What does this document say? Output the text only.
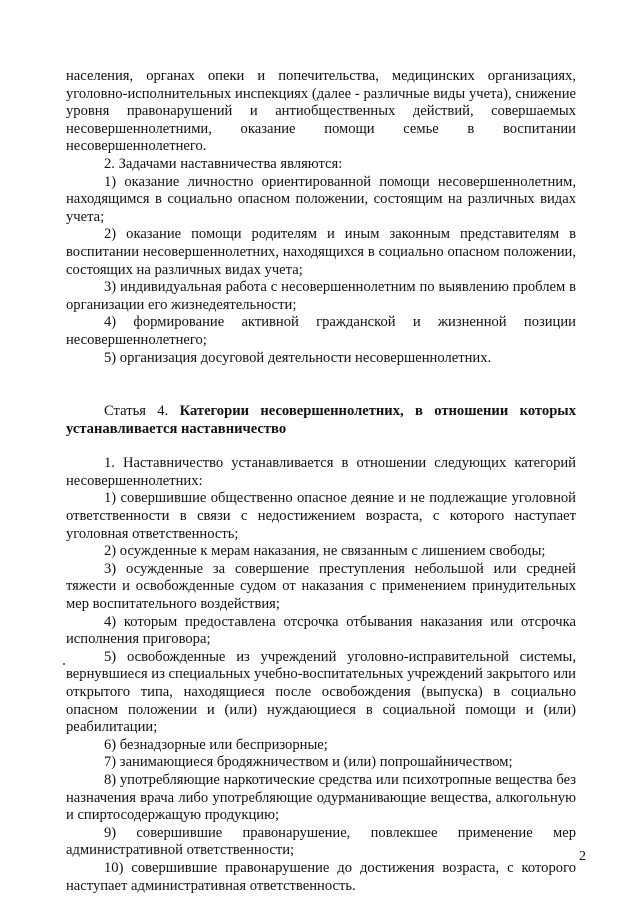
населения, органах опеки и попечительства, медицинских организациях, уголовно-исполнительных инспекциях (далее - различные виды учета), снижение уровня правонарушений и антиобщественных действий, совершаемых несовершеннолетними, оказание помощи семье в воспитании несовершеннолетнего.

2. Задачами наставничества являются:

1) оказание личностно ориентированной помощи несовершеннолетним, находящимся в социально опасном положении, состоящим на различных видах учета;

2) оказание помощи родителям и иным законным представителям в воспитании несовершеннолетних, находящихся в социально опасном положении, состоящих на различных видах учета;

3) индивидуальная работа с несовершеннолетним по выявлению проблем в организации его жизнедеятельности;

4) формирование активной гражданской и жизненной позиции несовершеннолетнего;

5) организация досуговой деятельности несовершеннолетних.

Статья 4. Категории несовершеннолетних, в отношении которых устанавливается наставничество

1. Наставничество устанавливается в отношении следующих категорий несовершеннолетних:

1) совершившие общественно опасное деяние и не подлежащие уголовной ответственности в связи с недостижением возраста, с которого наступает уголовная ответственность;

2) осужденные к мерам наказания, не связанным с лишением свободы;

3) осужденные за совершение преступления небольшой или средней тяжести и освобожденные судом от наказания с применением принудительных мер воспитательного воздействия;

4) которым предоставлена отсрочка отбывания наказания или отсрочка исполнения приговора;

5) освобожденные из учреждений уголовно-исправительной системы, вернувшиеся из специальных учебно-воспитательных учреждений закрытого или открытого типа, находящиеся после освобождения (выпуска) в социально опасном положении и (или) нуждающиеся в социальной помощи и (или) реабилитации;

6) безнадзорные или беспризорные;

7) занимающиеся бродяжничеством и (или) попрошайничеством;

8) употребляющие наркотические средства или психотропные вещества без назначения врача либо употребляющие одурманивающие вещества, алкогольную и спиртосодержащую продукцию;

9) совершившие правонарушение, повлекшее применение мер административной ответственности;

10) совершившие правонарушение до достижения возраста, с которого наступает административная ответственность.

2
